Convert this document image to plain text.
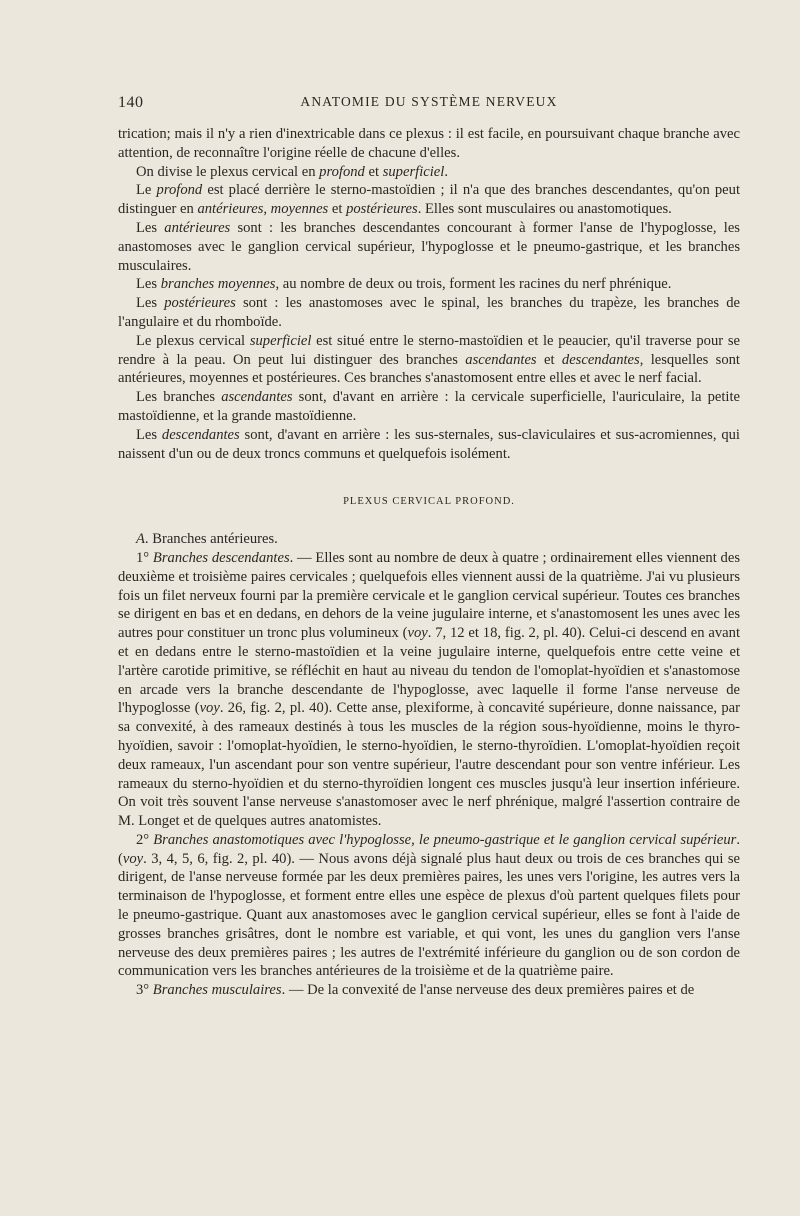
140	ANATOMIE DU SYSTÈME NERVEUX

trication; mais il n'y a rien d'inextricable dans ce plexus : il est facile, en poursuivant chaque branche avec attention, de reconnaître l'origine réelle de chacune d'elles.

On divise le plexus cervical en profond et superficiel.

Le profond est placé derrière le sterno-mastoïdien ; il n'a que des branches descendantes, qu'on peut distinguer en antérieures, moyennes et postérieures. Elles sont musculaires ou anastomotiques.

Les antérieures sont : les branches descendantes concourant à former l'anse de l'hypoglosse, les anastomoses avec le ganglion cervical supérieur, l'hypoglosse et le pneumo-gastrique, et les branches musculaires.

Les branches moyennes, au nombre de deux ou trois, forment les racines du nerf phrénique.

Les postérieures sont : les anastomoses avec le spinal, les branches du trapèze, les branches de l'angulaire et du rhomboïde.

Le plexus cervical superficiel est situé entre le sterno-mastoïdien et le peaucier, qu'il traverse pour se rendre à la peau. On peut lui distinguer des branches ascendantes et descendantes, lesquelles sont antérieures, moyennes et postérieures. Ces branches s'anastomosent entre elles et avec le nerf facial.

Les branches ascendantes sont, d'avant en arrière : la cervicale superficielle, l'auriculaire, la petite mastoïdienne, et la grande mastoïdienne.

Les descendantes sont, d'avant en arrière : les sus-sternales, sus-claviculaires et sus-acromiennes, qui naissent d'un ou de deux troncs communs et quelquefois isolément.

PLEXUS CERVICAL PROFOND.

A. Branches antérieures.

1° Branches descendantes. — Elles sont au nombre de deux à quatre ; ordinairement elles viennent des deuxième et troisième paires cervicales ; quelquefois elles viennent aussi de la quatrième. J'ai vu plusieurs fois un filet nerveux fourni par la première cervicale et le ganglion cervical supérieur. Toutes ces branches se dirigent en bas et en dedans, en dehors de la veine jugulaire interne, et s'anastomosent les unes avec les autres pour constituer un tronc plus volumineux (voy. 7, 12 et 18, fig. 2, pl. 40). Celui-ci descend en avant et en dedans entre le sterno-mastoïdien et la veine jugulaire interne, quelquefois entre cette veine et l'artère carotide primitive, se réfléchit en haut au niveau du tendon de l'omoplat-hyoïdien et s'anastomose en arcade vers la branche descendante de l'hypoglosse, avec laquelle il forme l'anse nerveuse de l'hypoglosse (voy. 26, fig. 2, pl. 40). Cette anse, plexiforme, à concavité supérieure, donne naissance, par sa convexité, à des rameaux destinés à tous les muscles de la région sous-hyoïdienne, moins le thyro-hyoïdien, savoir : l'omoplat-hyoïdien, le sterno-hyoïdien, le sterno-thyroïdien. L'omoplat-hyoïdien reçoit deux rameaux, l'un ascendant pour son ventre supérieur, l'autre descendant pour son ventre inférieur. Les rameaux du sterno-hyoïdien et du sterno-thyroïdien longent ces muscles jusqu'à leur insertion inférieure. On voit très souvent l'anse nerveuse s'anastomoser avec le nerf phrénique, malgré l'assertion contraire de M. Longet et de quelques autres anatomistes.

2° Branches anastomotiques avec l'hypoglosse, le pneumo-gastrique et le ganglion cervical supérieur. (voy. 3, 4, 5, 6, fig. 2, pl. 40). — Nous avons déjà signalé plus haut deux ou trois de ces branches qui se dirigent, de l'anse nerveuse formée par les deux premières paires, les unes vers l'origine, les autres vers la terminaison de l'hypoglosse, et forment entre elles une espèce de plexus d'où partent quelques filets pour le pneumo-gastrique. Quant aux anastomoses avec le ganglion cervical supérieur, elles se font à l'aide de grosses branches grisâtres, dont le nombre est variable, et qui vont, les unes du ganglion vers l'anse nerveuse des deux premières paires ; les autres de l'extrémité inférieure du ganglion ou de son cordon de communication vers les branches antérieures de la troisième et de la quatrième paire.

3° Branches musculaires. — De la convexité de l'anse nerveuse des deux premières paires et de
